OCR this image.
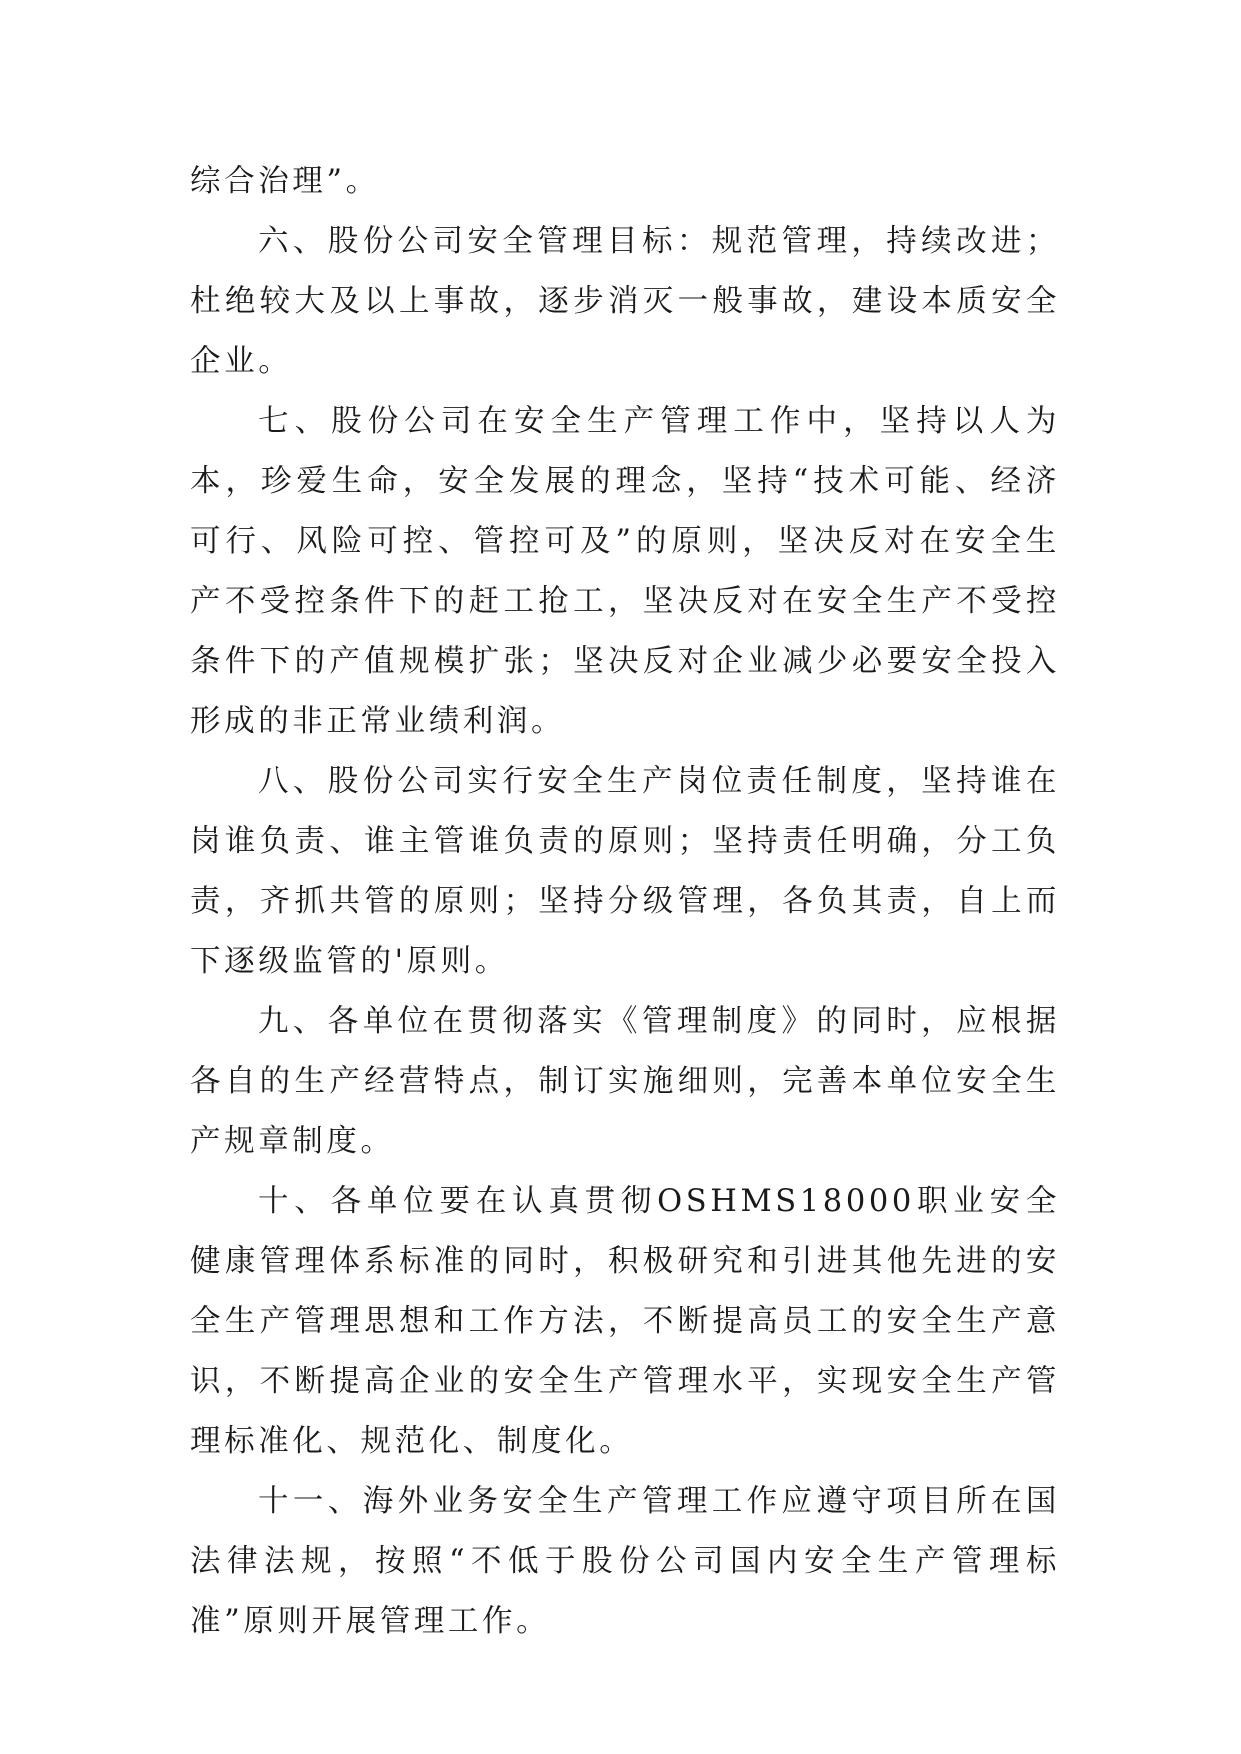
综合治理”。

六、股份公司安全管理目标：规范管理，持续改进；杜绝较大及以上事故，逐步消灭一般事故，建设本质安全企业。

七、股份公司在安全生产管理工作中，坚持以人为本，珍爱生命，安全发展的理念，坚持“技术可能、经济可行、风险可控、管控可及”的原则，坚决反对在安全生产不受控条件下的赶工抢工，坚决反对在安全生产不受控条件下的产值规模扩张；坚决反对企业减少必要安全投入形成的非正常业绩利润。

八、股份公司实行安全生产岗位责任制度，坚持谁在岗谁负责、谁主管谁负责的原则；坚持责任明确，分工负责，齐抓共管的原则；坚持分级管理，各负其责，自上而下逐级监管的'原则。

九、各单位在贯彻落实《管理制度》的同时，应根据各自的生产经营特点，制订实施细则，完善本单位安全生产规章制度。

十、各单位要在认真贯彻OSHMS18000职业安全健康管理体系标准的同时，积极研究和引进其他先进的安全生产管理思想和工作方法，不断提高员工的安全生产意识，不断提高企业的安全生产管理水平，实现安全生产管理标准化、规范化、制度化。

十一、海外业务安全生产管理工作应遵守项目所在国法律法规，按照“不低于股份公司国内安全生产管理标准”原则开展管理工作。
